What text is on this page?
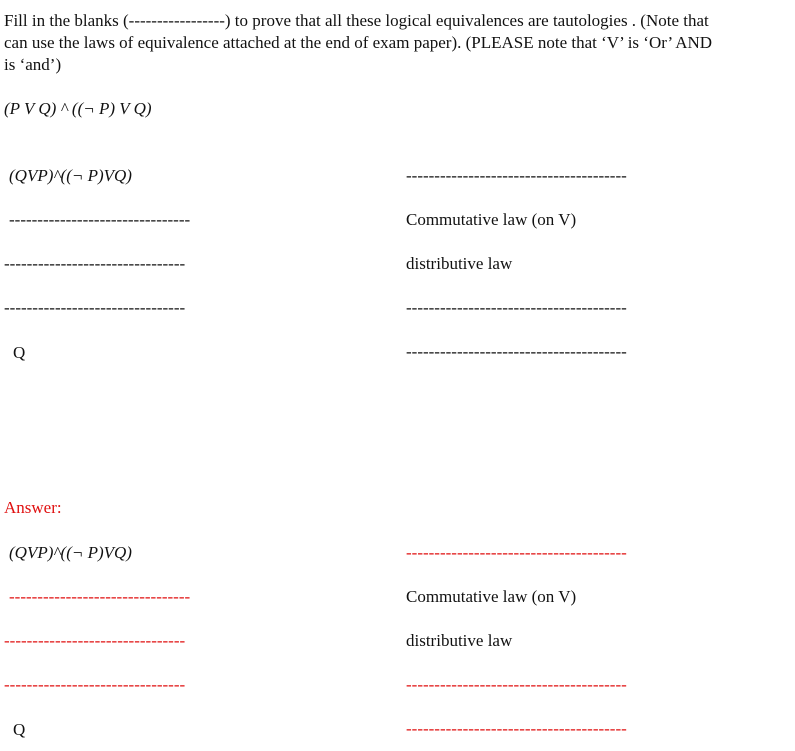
Fill in the blanks (-----------------) to prove that all these logical equivalences are tautologies . (Note that
can use the laws of equivalence attached at the end of exam paper). (PLEASE note that ‘V’ is ‘Or’ AND
is ‘and’)
(P V Q) ^ ((¬ P) V Q)
(QVP)^((¬ P)VQ)	---------------------------------------
--------------------------------	Commutative law (on V)
--------------------------------	distributive law
--------------------------------	---------------------------------------
Q	---------------------------------------
Answer:
(QVP)^((¬ P)VQ)	---------------------------------------
--------------------------------	Commutative law (on V)
--------------------------------	distributive law
--------------------------------	---------------------------------------
Q	---------------------------------------
